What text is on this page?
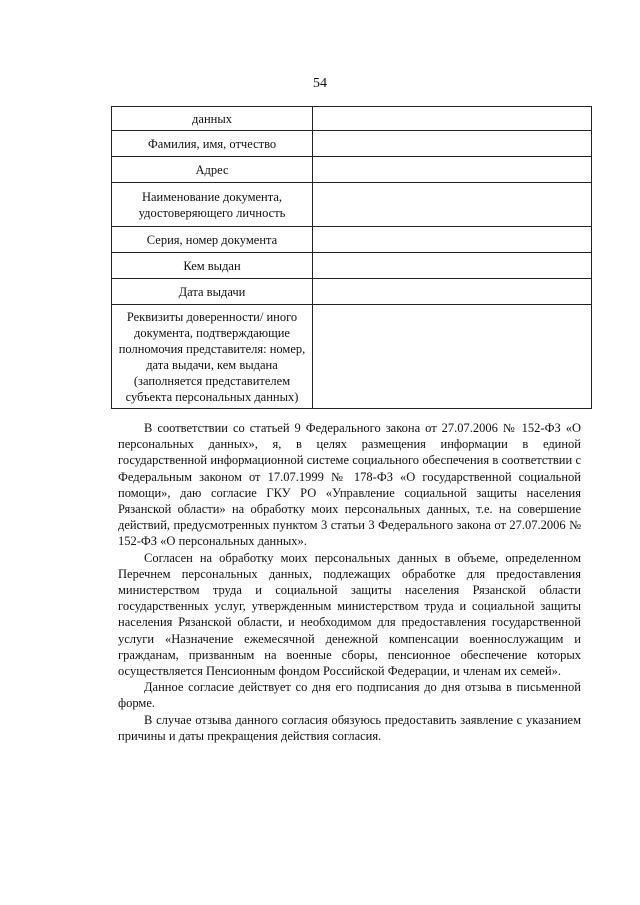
54
данных	
Фамилия, имя, отчество	
Адрес	
Наименование документа, удостоверяющего личность	
Серия, номер документа	
Кем выдан	
Дата выдачи	
Реквизиты доверенности/ иного документа, подтверждающие полномочия представителя: номер, дата выдачи, кем выдана (заполняется представителем субъекта персональных данных)	

В соответствии со статьей 9 Федерального закона от 27.07.2006 № 152-ФЗ «О персональных данных», я, в целях размещения информации в единой государственной информационной системе социального обеспечения в соответствии с Федеральным законом от 17.07.1999 № 178-ФЗ «О государственной социальной помощи», даю согласие ГКУ РО «Управление социальной защиты населения Рязанской области» на обработку моих персональных данных, т.е. на совершение действий, предусмотренных пунктом 3 статьи 3 Федерального закона от 27.07.2006 № 152-ФЗ «О персональных данных».

Согласен на обработку моих персональных данных в объеме, определенном Перечнем персональных данных, подлежащих обработке для предоставления министерством труда и социальной защиты населения Рязанской области государственных услуг, утвержденным министерством труда и социальной защиты населения Рязанской области, и необходимом для предоставления государственной услуги «Назначение ежемесячной денежной компенсации военнослужащим и гражданам, призванным на военные сборы, пенсионное обеспечение которых осуществляется Пенсионным фондом Российской Федерации, и членам их семей».

Данное согласие действует со дня его подписания до дня отзыва в письменной форме.

В случае отзыва данного согласия обязуюсь предоставить заявление с указанием причины и даты прекращения действия согласия.
